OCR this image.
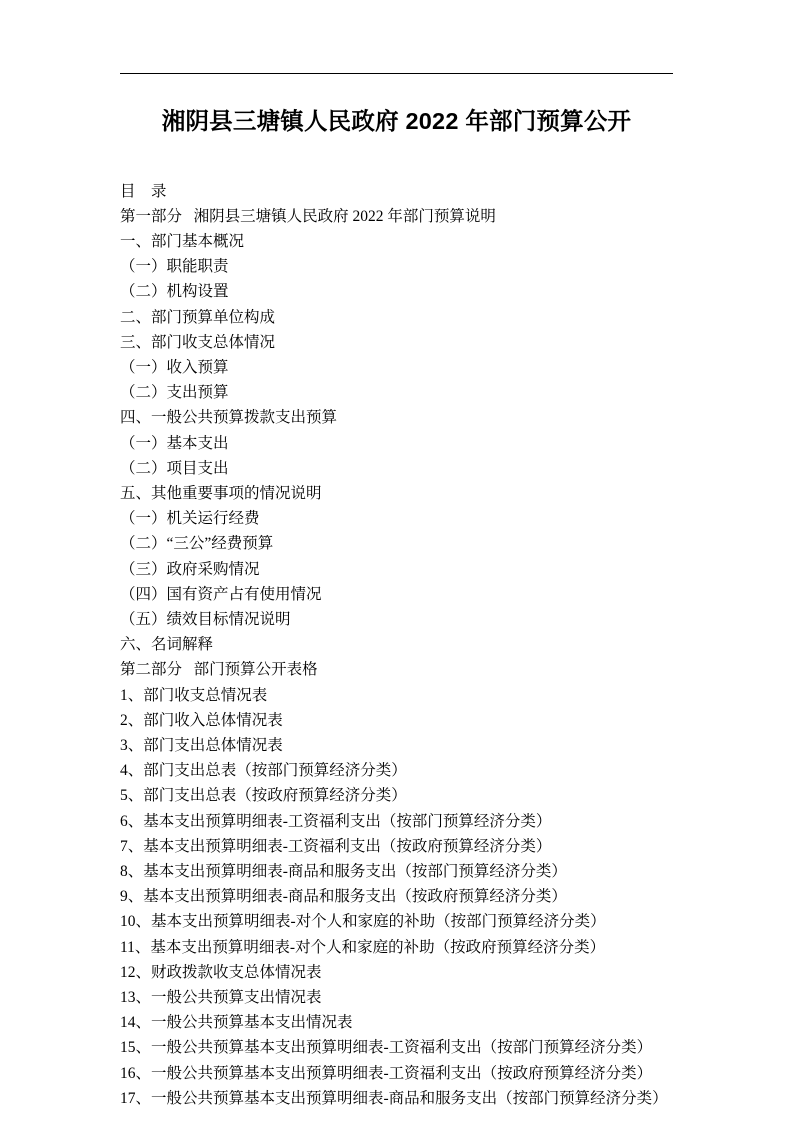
湘阴县三塘镇人民政府 2022 年部门预算公开
目    录
第一部分   湘阴县三塘镇人民政府 2022 年部门预算说明
一、部门基本概况
（一）职能职责
（二）机构设置
二、部门预算单位构成
三、部门收支总体情况
（一）收入预算
（二）支出预算
四、一般公共预算拨款支出预算
（一）基本支出
（二）项目支出
五、其他重要事项的情况说明
（一）机关运行经费
（二）“三公”经费预算
（三）政府采购情况
（四）国有资产占有使用情况
（五）绩效目标情况说明
六、名词解释
第二部分   部门预算公开表格
1、部门收支总情况表
2、部门收入总体情况表
3、部门支出总体情况表
4、部门支出总表（按部门预算经济分类）
5、部门支出总表（按政府预算经济分类）
6、基本支出预算明细表-工资福利支出（按部门预算经济分类）
7、基本支出预算明细表-工资福利支出（按政府预算经济分类）
8、基本支出预算明细表-商品和服务支出（按部门预算经济分类）
9、基本支出预算明细表-商品和服务支出（按政府预算经济分类）
10、基本支出预算明细表-对个人和家庭的补助（按部门预算经济分类）
11、基本支出预算明细表-对个人和家庭的补助（按政府预算经济分类）
12、财政拨款收支总体情况表
13、一般公共预算支出情况表
14、一般公共预算基本支出情况表
15、一般公共预算基本支出预算明细表-工资福利支出（按部门预算经济分类）
16、一般公共预算基本支出预算明细表-工资福利支出（按政府预算经济分类）
17、一般公共预算基本支出预算明细表-商品和服务支出（按部门预算经济分类）
